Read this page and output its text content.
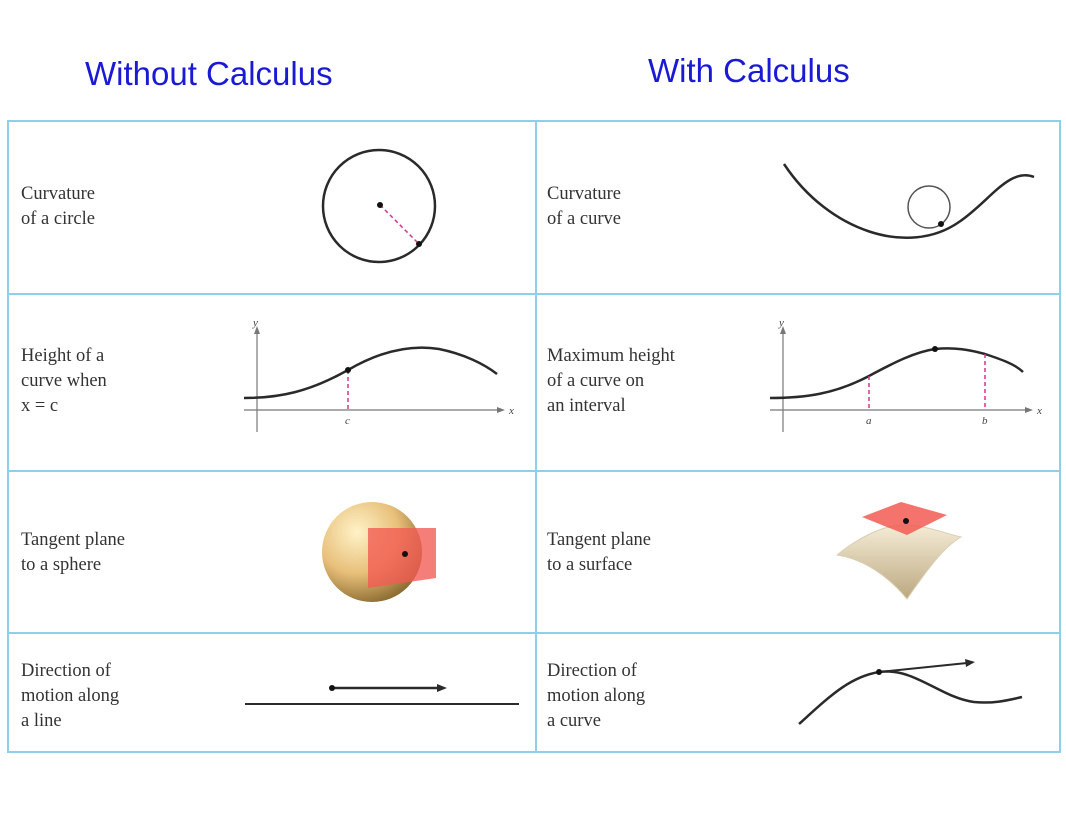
Without Calculus	With Calculus
Curvature
of a circle
Curvature
of a curve
Height of a
curve when
x = c
y
x
c
Maximum height
of a curve on
an interval
y
x
a	b
Tangent plane
to a sphere
Tangent plane
to a surface
Direction of
motion along
a line
Direction of
motion along
a curve
